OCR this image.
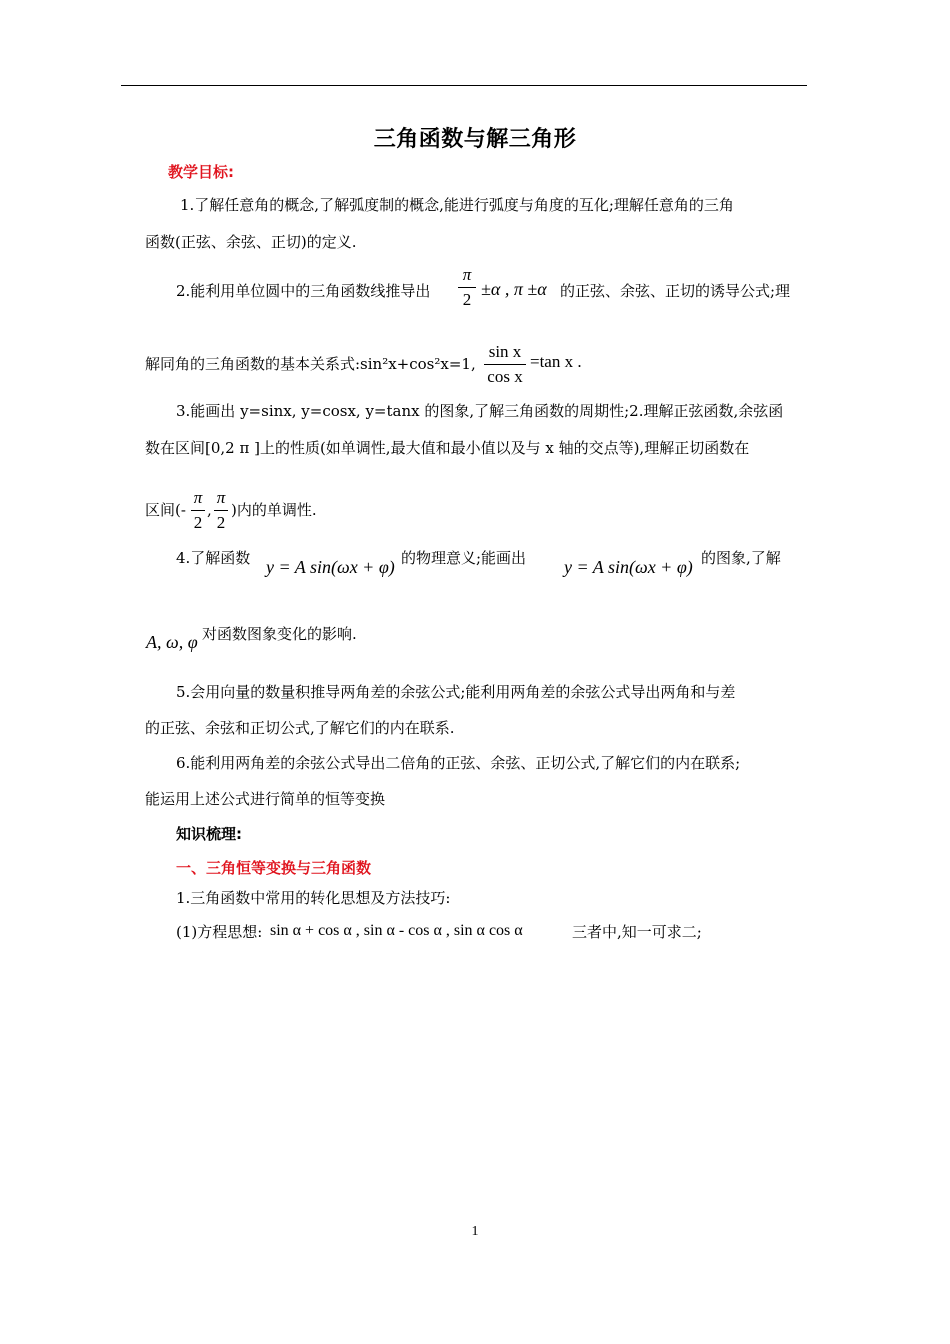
三角函数与解三角形
教学目标:
1.了解任意角的概念,了解弧度制的概念,能进行弧度与角度的互化;理解任意角的三角
函数(正弦、余弦、正切)的定义.
2.能利用单位圆中的三角函数线推导出
π
2
±α , π ±α 的正弦、余弦、正切的诱导公式;理
解同角的三角函数的基本关系式:sin²x+cos²x=1,
sin x
cos x
=tan x .
3.能画出 y=sinx, y=cosx, y=tanx 的图象,了解三角函数的周期性;2.理解正弦函数,余弦函
数在区间[0,2 π ]上的性质(如单调性,最大值和最小值以及与 x 轴的交点等),理解正切函数在
区间(-
π
2
,
π
2
)内的单调性.
4.了解函数 y = A sin(ωx + φ) 的物理意义;能画出 y = A sin(ωx + φ) 的图象,了解
A, ω, φ 对函数图象变化的影响.
5.会用向量的数量积推导两角差的余弦公式;能利用两角差的余弦公式导出两角和与差
的正弦、余弦和正切公式,了解它们的内在联系.
6.能利用两角差的余弦公式导出二倍角的正弦、余弦、正切公式,了解它们的内在联系;
能运用上述公式进行简单的恒等变换
知识梳理:
一、三角恒等变换与三角函数
1.三角函数中常用的转化思想及方法技巧:
(1)方程思想: sin α + cos α , sin α - cos α , sin α cos α	三者中,知一可求二;
1
